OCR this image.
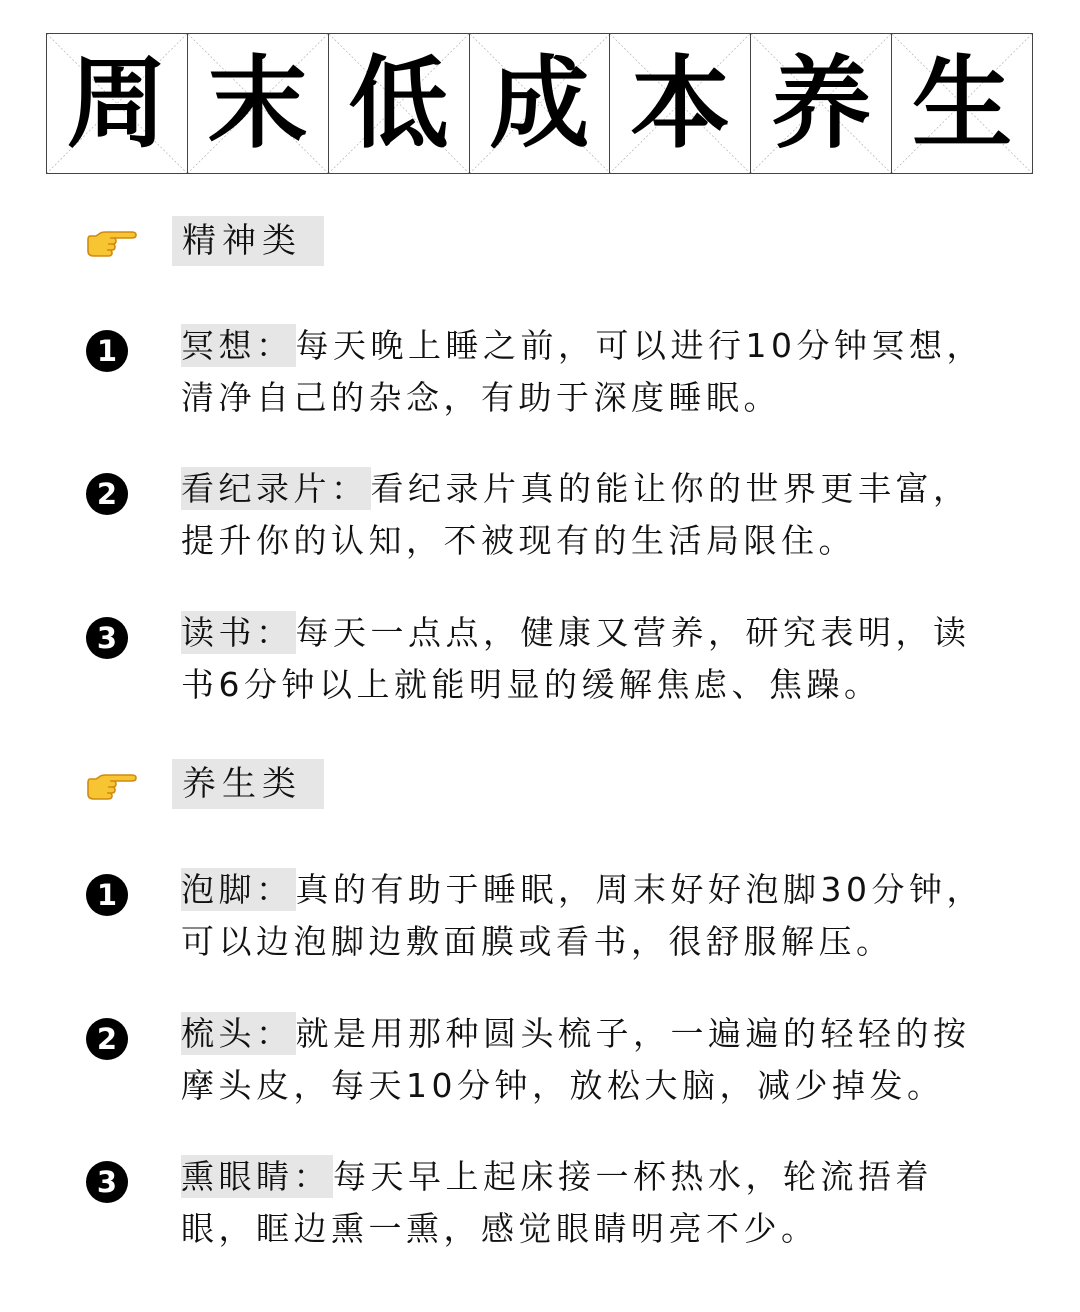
周 末 低 成 本 养 生
精神类
1	冥想：每天晚上睡之前，可以进行10分钟冥想，清净自己的杂念，有助于深度睡眠。
2	看纪录片：看纪录片真的能让你的世界更丰富，提升你的认知，不被现有的生活局限住。
3	读书：每天一点点，健康又营养，研究表明，读书6分钟以上就能明显的缓解焦虑、焦躁。
养生类
1	泡脚：真的有助于睡眠，周末好好泡脚30分钟，可以边泡脚边敷面膜或看书，很舒服解压。
2	梳头：就是用那种圆头梳子，一遍遍的轻轻的按摩头皮，每天10分钟，放松大脑，减少掉发。
3	熏眼睛：每天早上起床接一杯热水，轮流捂着眼，眶边熏一熏，感觉眼睛明亮不少。
